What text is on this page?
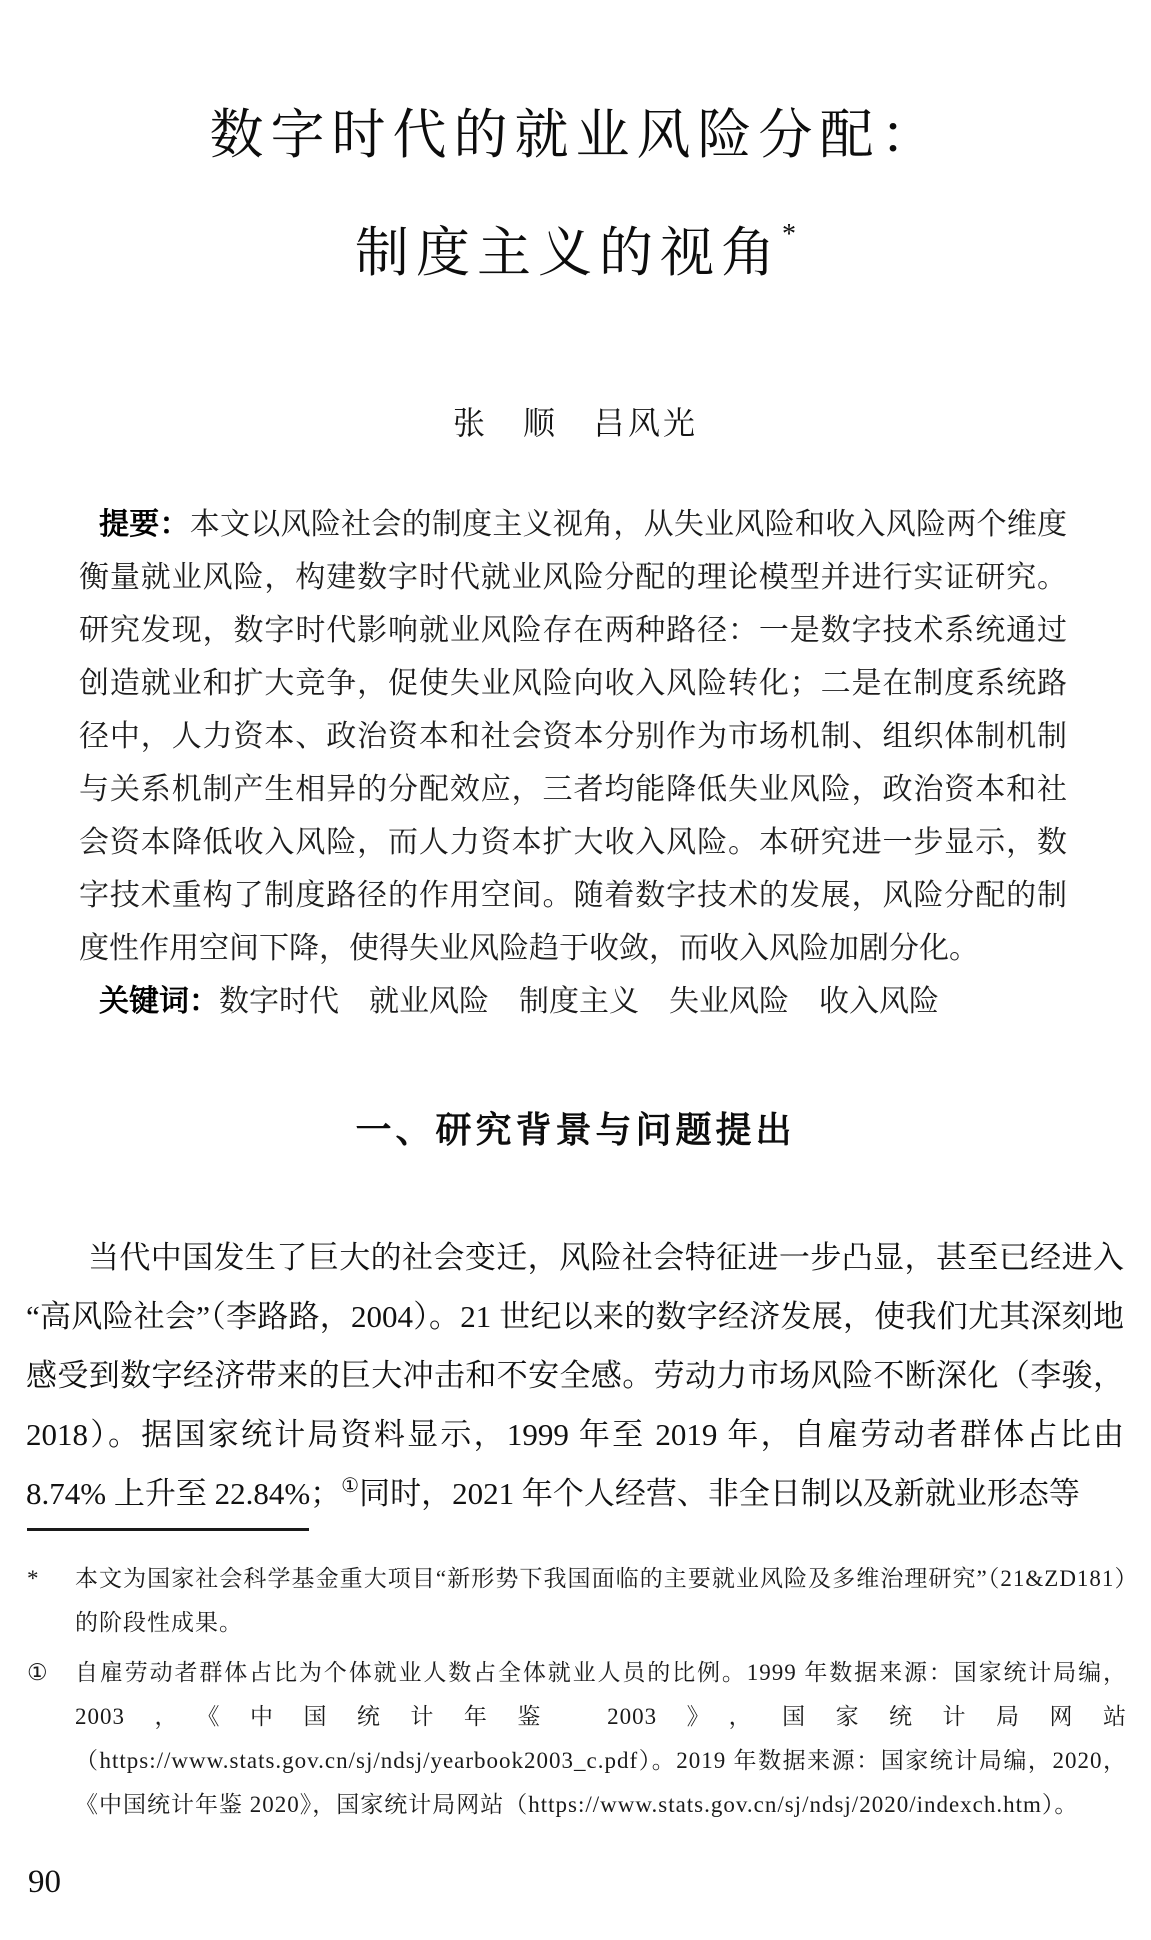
数字时代的就业风险分配：
制度主义的视角*
张　顺　吕风光

提要：本文以风险社会的制度主义视角，从失业风险和收入风险两个维度衡量就业风险，构建数字时代就业风险分配的理论模型并进行实证研究。研究发现，数字时代影响就业风险存在两种路径：一是数字技术系统通过创造就业和扩大竞争，促使失业风险向收入风险转化；二是在制度系统路径中，人力资本、政治资本和社会资本分别作为市场机制、组织体制机制与关系机制产生相异的分配效应，三者均能降低失业风险，政治资本和社会资本降低收入风险，而人力资本扩大收入风险。本研究进一步显示，数字技术重构了制度路径的作用空间。随着数字技术的发展，风险分配的制度性作用空间下降，使得失业风险趋于收敛，而收入风险加剧分化。

关键词：数字时代 就业风险 制度主义 失业风险 收入风险

一、研究背景与问题提出

当代中国发生了巨大的社会变迁，风险社会特征进一步凸显，甚至已经进入“高风险社会”（李路路，2004）。21 世纪以来的数字经济发展，使我们尤其深刻地感受到数字经济带来的巨大冲击和不安全感。劳动力市场风险不断深化（李骏，2018）。据国家统计局资料显示，1999 年至 2019 年，自雇劳动者群体占比由 8.74% 上升至 22.84%；①同时，2021 年个人经营、非全日制以及新就业形态等

*	本文为国家社会科学基金重大项目“新形势下我国面临的主要就业风险及多维治理研究”（21&ZD181）的阶段性成果。
①	自雇劳动者群体占比为个体就业人数占全体就业人员的比例。1999 年数据来源：国家统计局编，2003，《中国统计年鉴 2003》，国家统计局网站（https://www.stats.gov.cn/sj/ndsj/yearbook2003_c.pdf）。2019 年数据来源：国家统计局编，2020，《中国统计年鉴 2020》，国家统计局网站（https://www.stats.gov.cn/sj/ndsj/2020/indexch.htm）。
90
